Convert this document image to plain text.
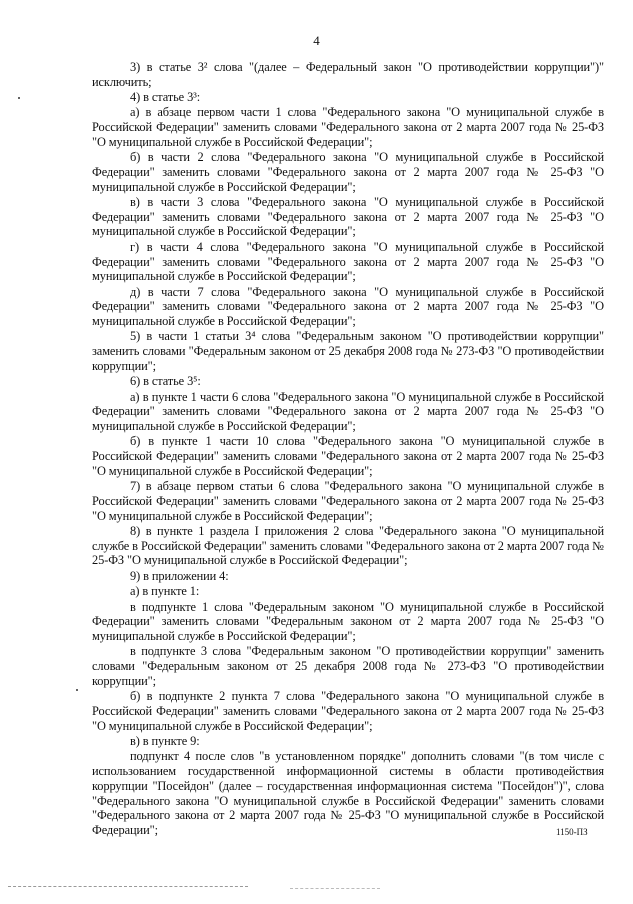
4

3) в статье 3² слова "(далее – Федеральный закон "О противодействии коррупции")" исключить;

4) в статье 3³:

а) в абзаце первом части 1 слова "Федерального закона "О муниципальной службе в Российской Федерации" заменить словами "Федерального закона от 2 марта 2007 года № 25-ФЗ "О муниципальной службе в Российской Федерации";

б) в части 2 слова "Федерального закона "О муниципальной службе в Российской Федерации" заменить словами "Федерального закона от 2 марта 2007 года № 25-ФЗ "О муниципальной службе в Российской Федерации";

в) в части 3 слова "Федерального закона "О муниципальной службе в Российской Федерации" заменить словами "Федерального закона от 2 марта 2007 года № 25-ФЗ "О муниципальной службе в Российской Федерации";

г) в части 4 слова "Федерального закона "О муниципальной службе в Российской Федерации" заменить словами "Федерального закона от 2 марта 2007 года № 25-ФЗ "О муниципальной службе в Российской Федерации";

д) в части 7 слова "Федерального закона "О муниципальной службе в Российской Федерации" заменить словами "Федерального закона от 2 марта 2007 года № 25-ФЗ "О муниципальной службе в Российской Федерации";

5) в части 1 статьи 3⁴ слова "Федеральным законом "О противодействии коррупции" заменить словами "Федеральным законом от 25 декабря 2008 года № 273-ФЗ "О противодействии коррупции";

6) в статье 3⁵:

а) в пункте 1 части 6 слова "Федерального закона "О муниципальной службе в Российской Федерации" заменить словами "Федерального закона от 2 марта 2007 года № 25-ФЗ "О муниципальной службе в Российской Федерации";

б) в пункте 1 части 10 слова "Федерального закона "О муниципальной службе в Российской Федерации" заменить словами "Федерального закона от 2 марта 2007 года № 25-ФЗ "О муниципальной службе в Российской Федерации";

7) в абзаце первом статьи 6 слова "Федерального закона "О муниципальной службе в Российской Федерации" заменить словами "Федерального закона от 2 марта 2007 года № 25-ФЗ "О муниципальной службе в Российской Федерации";

8) в пункте 1 раздела I приложения 2 слова "Федерального закона "О муниципальной службе в Российской Федерации" заменить словами "Федерального закона от 2 марта 2007 года № 25-ФЗ "О муниципальной службе в Российской Федерации";

9) в приложении 4:

а) в пункте 1:

в подпункте 1 слова "Федеральным законом "О муниципальной службе в Российской Федерации" заменить словами "Федеральным законом от 2 марта 2007 года № 25-ФЗ "О муниципальной службе в Российской Федерации";

в подпункте 3 слова "Федеральным законом "О противодействии коррупции" заменить словами "Федеральным законом от 25 декабря 2008 года № 273-ФЗ "О противодействии коррупции";

б) в подпункте 2 пункта 7 слова "Федерального закона "О муниципальной службе в Российской Федерации" заменить словами "Федерального закона от 2 марта 2007 года № 25-ФЗ "О муниципальной службе в Российской Федерации";

в) в пункте 9:

подпункт 4 после слов "в установленном порядке" дополнить словами "(в том числе с использованием государственной информационной системы в области противодействия коррупции "Посейдон" (далее – государственная информационная система "Посейдон")", слова "Федерального закона "О муниципальной службе в Российской Федерации" заменить словами "Федерального закона от 2 марта 2007 года № 25-ФЗ "О муниципальной службе в Российской Федерации";	1150-ПЗ
